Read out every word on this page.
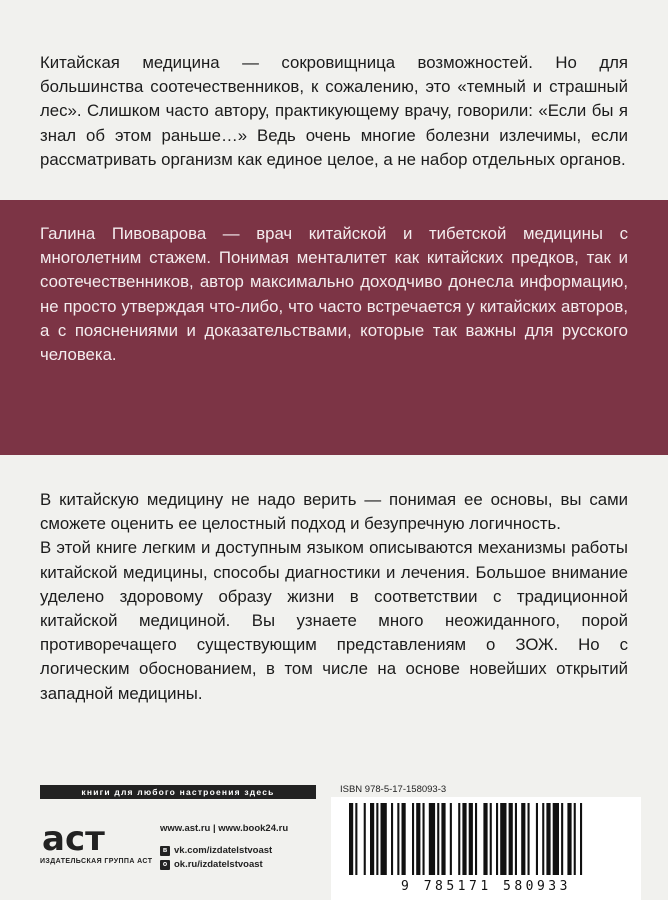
Китайская медицина — сокровищница возможностей. Но для большинства соотечественников, к сожалению, это «темный и страшный лес». Слишком часто автору, практикующему врачу, говорили: «Если бы я знал об этом раньше…» Ведь очень многие болезни излечимы, если рассматривать организм как единое целое, а не набор отдельных органов.

Галина Пивоварова — врач китайской и тибетской медицины с многолетним стажем. Понимая менталитет как китайских предков, так и соотечественников, автор максимально доходчиво донесла информацию, не просто утверждая что-либо, что часто встречается у китайских авторов, а с пояснениями и доказательствами, которые так важны для русского человека.

В китайскую медицину не надо верить — понимая ее основы, вы сами сможете оценить ее целостный подход и безупречную логичность.
В этой книге легким и доступным языком описываются механизмы работы китайской медицины, способы диагностики и лечения. Большое внимание уделено здоровому образу жизни в соответствии с традиционной китайской медициной. Вы узнаете много неожиданного, порой противоречащего существующим представлениям о ЗОЖ. Но с логическим обоснованием, в том числе на основе новейших открытий западной медицины.
книги для любого настроения здесь
аст
ИЗДАТЕЛЬСКАЯ ГРУППА АСТ
www.ast.ru | www.book24.ru
в vk.com/izdatelstvoast
о ok.ru/izdatelstvoast
ISBN 978-5-17-158093-3
9 785171 580933
